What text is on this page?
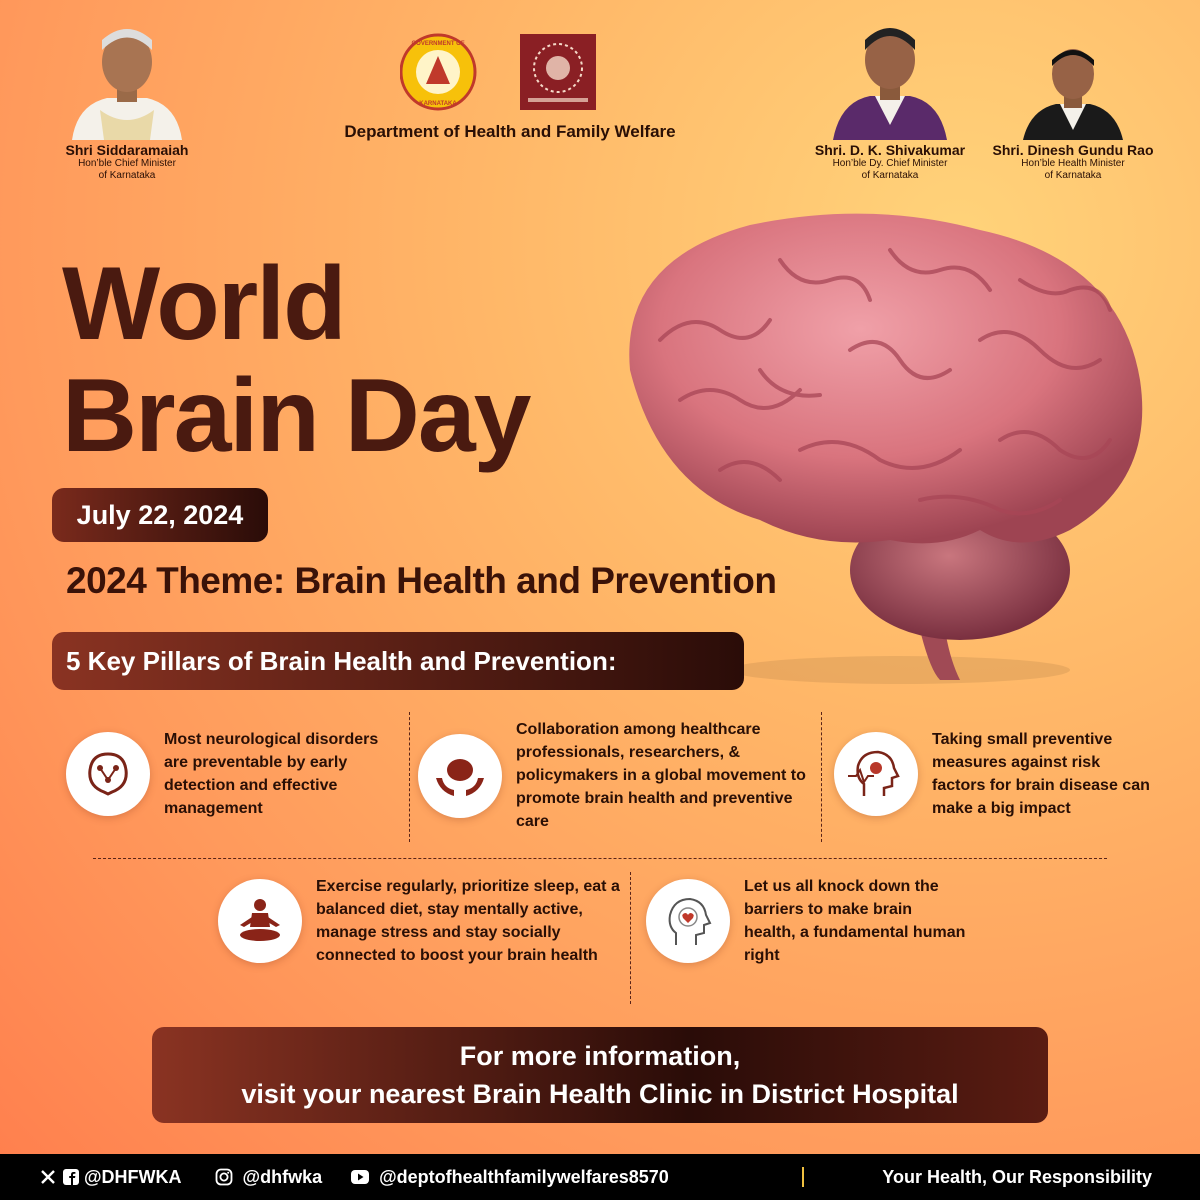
Shri Siddaramaiah
Hon’ble Chief Minister
of Karnataka
GOVERNMENT OF
KARNATAKA
Department of Health and Family Welfare
Shri. D. K. Shivakumar
Hon’ble Dy. Chief Minister
of Karnataka
Shri. Dinesh Gundu Rao
Hon’ble Health Minister
of Karnataka
World
Brain Day
July 22, 2024
2024 Theme: Brain Health and Prevention
5 Key Pillars of Brain Health and Prevention:
Most neurological disorders are preventable by early detection and effective management
Collaboration among healthcare professionals, researchers, & policymakers in a global movement to promote brain health and preventive care
Taking small preventive measures against risk factors for brain disease can make a big impact
Exercise regularly, prioritize sleep, eat a balanced diet, stay mentally active, manage stress and stay socially connected to boost your brain health
Let us all knock down the barriers to make brain health, a fundamental human right
For more information,
visit your nearest Brain Health Clinic in District Hospital
@DHFWKA	@dhfwka	@deptofhealthfamilywelfares8570	Your Health, Our Responsibility
